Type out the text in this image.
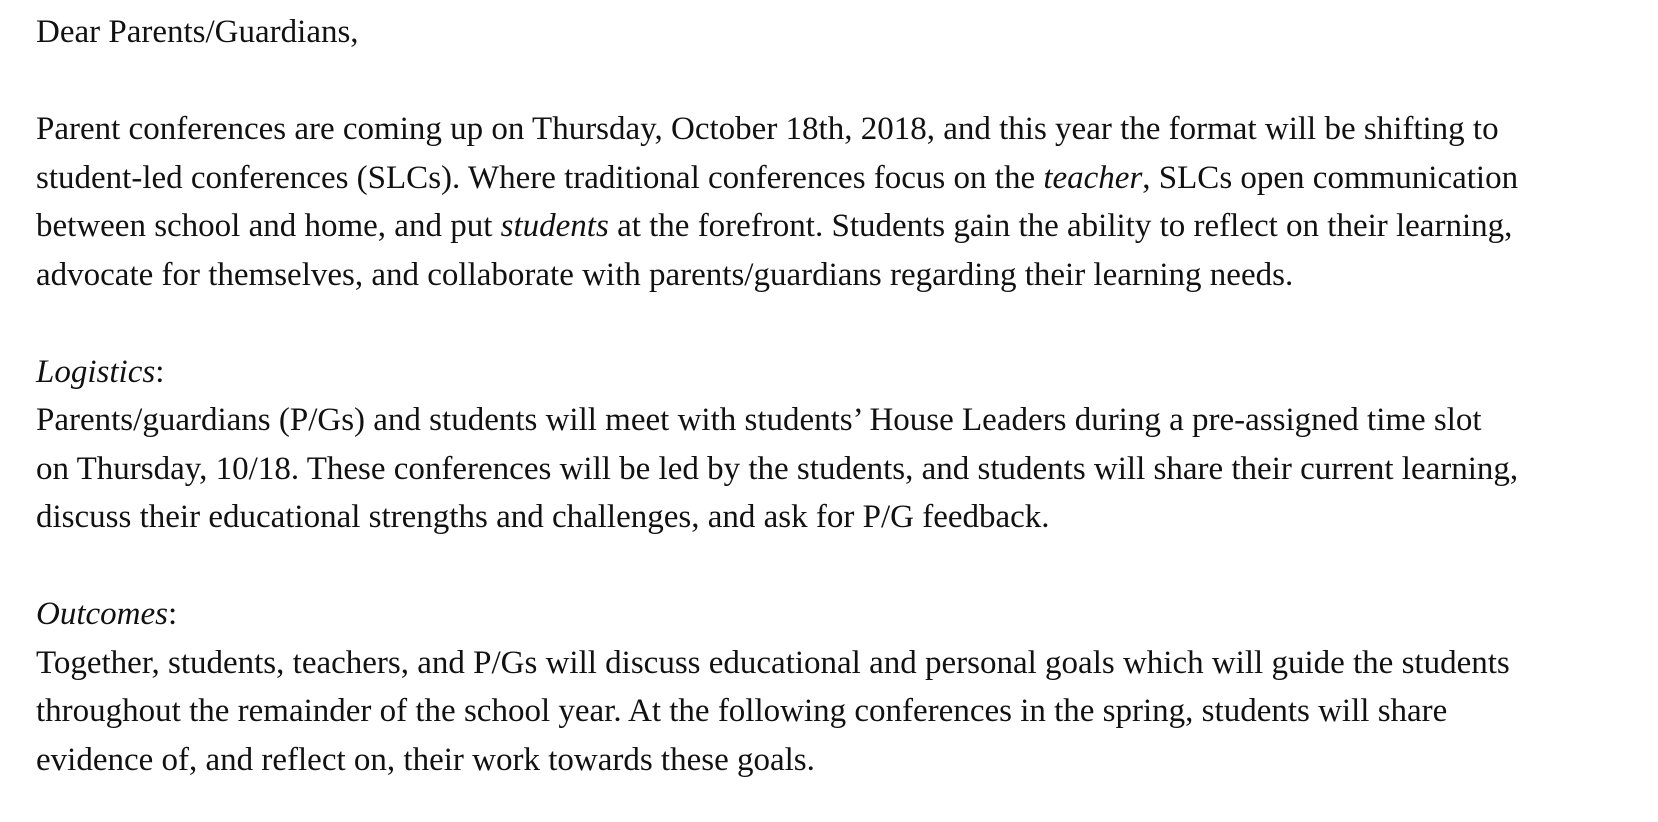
Dear Parents/Guardians,
Parent conferences are coming up on Thursday, October 18th, 2018, and this year the format will be shifting to
student-led conferences (SLCs). Where traditional conferences focus on the teacher, SLCs open communication
between school and home, and put students at the forefront. Students gain the ability to reflect on their learning,
advocate for themselves, and collaborate with parents/guardians regarding their learning needs.
Logistics:
Parents/guardians (P/Gs) and students will meet with students’ House Leaders during a pre-assigned time slot
on Thursday, 10/18. These conferences will be led by the students, and students will share their current learning,
discuss their educational strengths and challenges, and ask for P/G feedback.
Outcomes:
Together, students, teachers, and P/Gs will discuss educational and personal goals which will guide the students
throughout the remainder of the school year. At the following conferences in the spring, students will share
evidence of, and reflect on, their work towards these goals.
